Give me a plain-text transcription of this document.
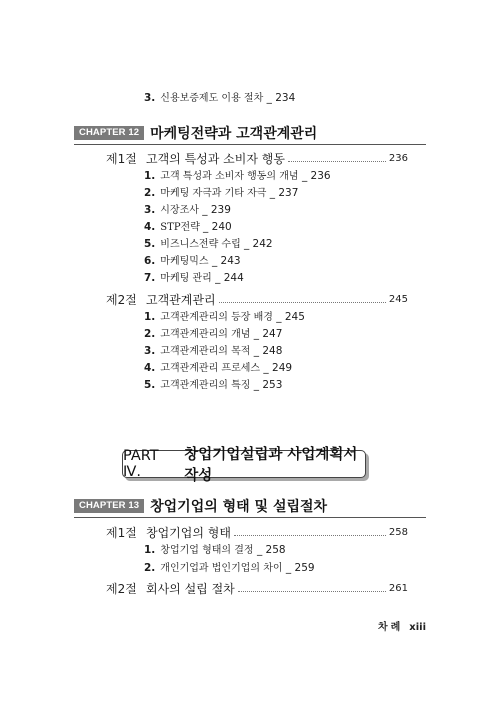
3. 신용보증제도 이용 절차 _ 234
CHAPTER 12 마케팅전략과 고객관계관리
제1절 고객의 특성과 소비자 행동	236
1. 고객 특성과 소비자 행동의 개념 _ 236
2. 마케팅 자극과 기타 자극 _ 237
3. 시장조사 _ 239
4. STP전략 _ 240
5. 비즈니스전략 수립 _ 242
6. 마케팅믹스 _ 243
7. 마케팅 관리 _ 244
제2절 고객관계관리	245
1. 고객관계관리의 등장 배경 _ 245
2. 고객관계관리의 개념 _ 247
3. 고객관계관리의 목적 _ 248
4. 고객관계관리 프로세스 _ 249
5. 고객관계관리의 특징 _ 253
PART Ⅳ.
창업기업설립과 사업계획서작성
CHAPTER 13 창업기업의 형태 및 설립절차
제1절 창업기업의 형태	258
1. 창업기업 형태의 결정 _ 258
2. 개인기업과 법인기업의 차이 _ 259
제2절 회사의 설립 절차	261
차례 xiii
